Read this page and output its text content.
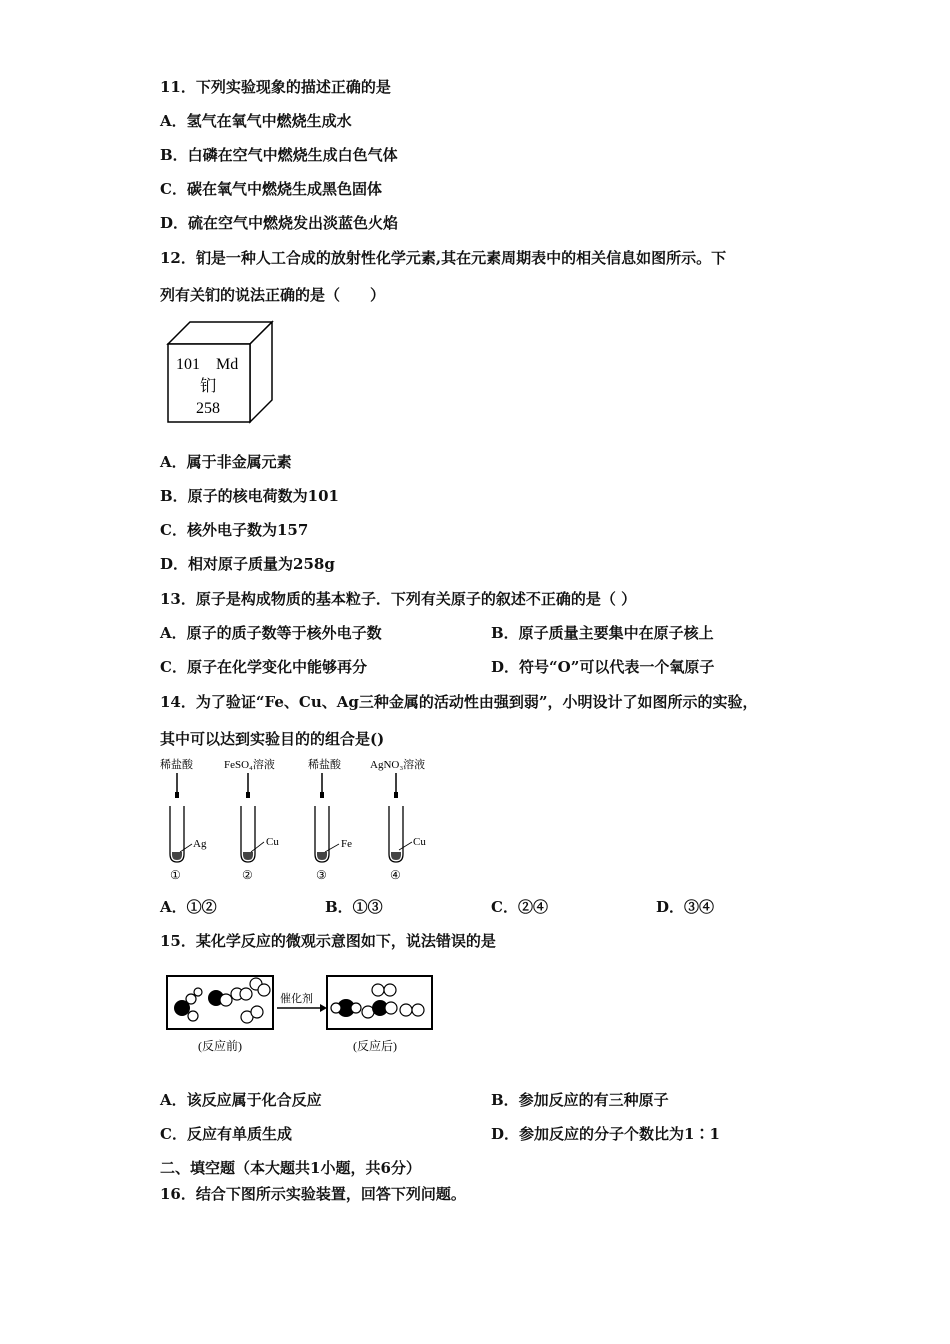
11．下列实验现象的描述正确的是
A．氢气在氧气中燃烧生成水
B．白磷在空气中燃烧生成白色气体
C．碳在氧气中燃烧生成黑色固体
D．硫在空气中燃烧发出淡蓝色火焰
12．钔是一种人工合成的放射性化学元素,其在元素周期表中的相关信息如图所示。下
列有关钔的说法正确的是（　　）
101 Md
钔
258
A．属于非金属元素
B．原子的核电荷数为101
C．核外电子数为157
D．相对原子质量为258g
13．原子是构成物质的基本粒子．下列有关原子的叙述不正确的是（ ）
A．原子的质子数等于核外电子数	B．原子质量主要集中在原子核上
C．原子在化学变化中能够再分	D．符号“O”可以代表一个氧原子
14．为了验证“Fe、Cu、Ag三种金属的活动性由强到弱”，小明设计了如图所示的实验，
其中可以达到实验目的的组合是()
稀盐酸
Ag
①
FeSO₄溶液
Cu
②
稀盐酸
Fe
③
AgNO₃溶液
Cu
④
A．①②	B．①③	C．②④	D．③④
15．某化学反应的微观示意图如下，说法错误的是
催化剂
(反应前)	(反应后)
A．该反应属于化合反应	B．参加反应的有三种原子
C．反应有单质生成	D．参加反应的分子个数比为1∶1
二、填空题（本大题共1小题，共6分）
16．结合下图所示实验装置，回答下列问题。
